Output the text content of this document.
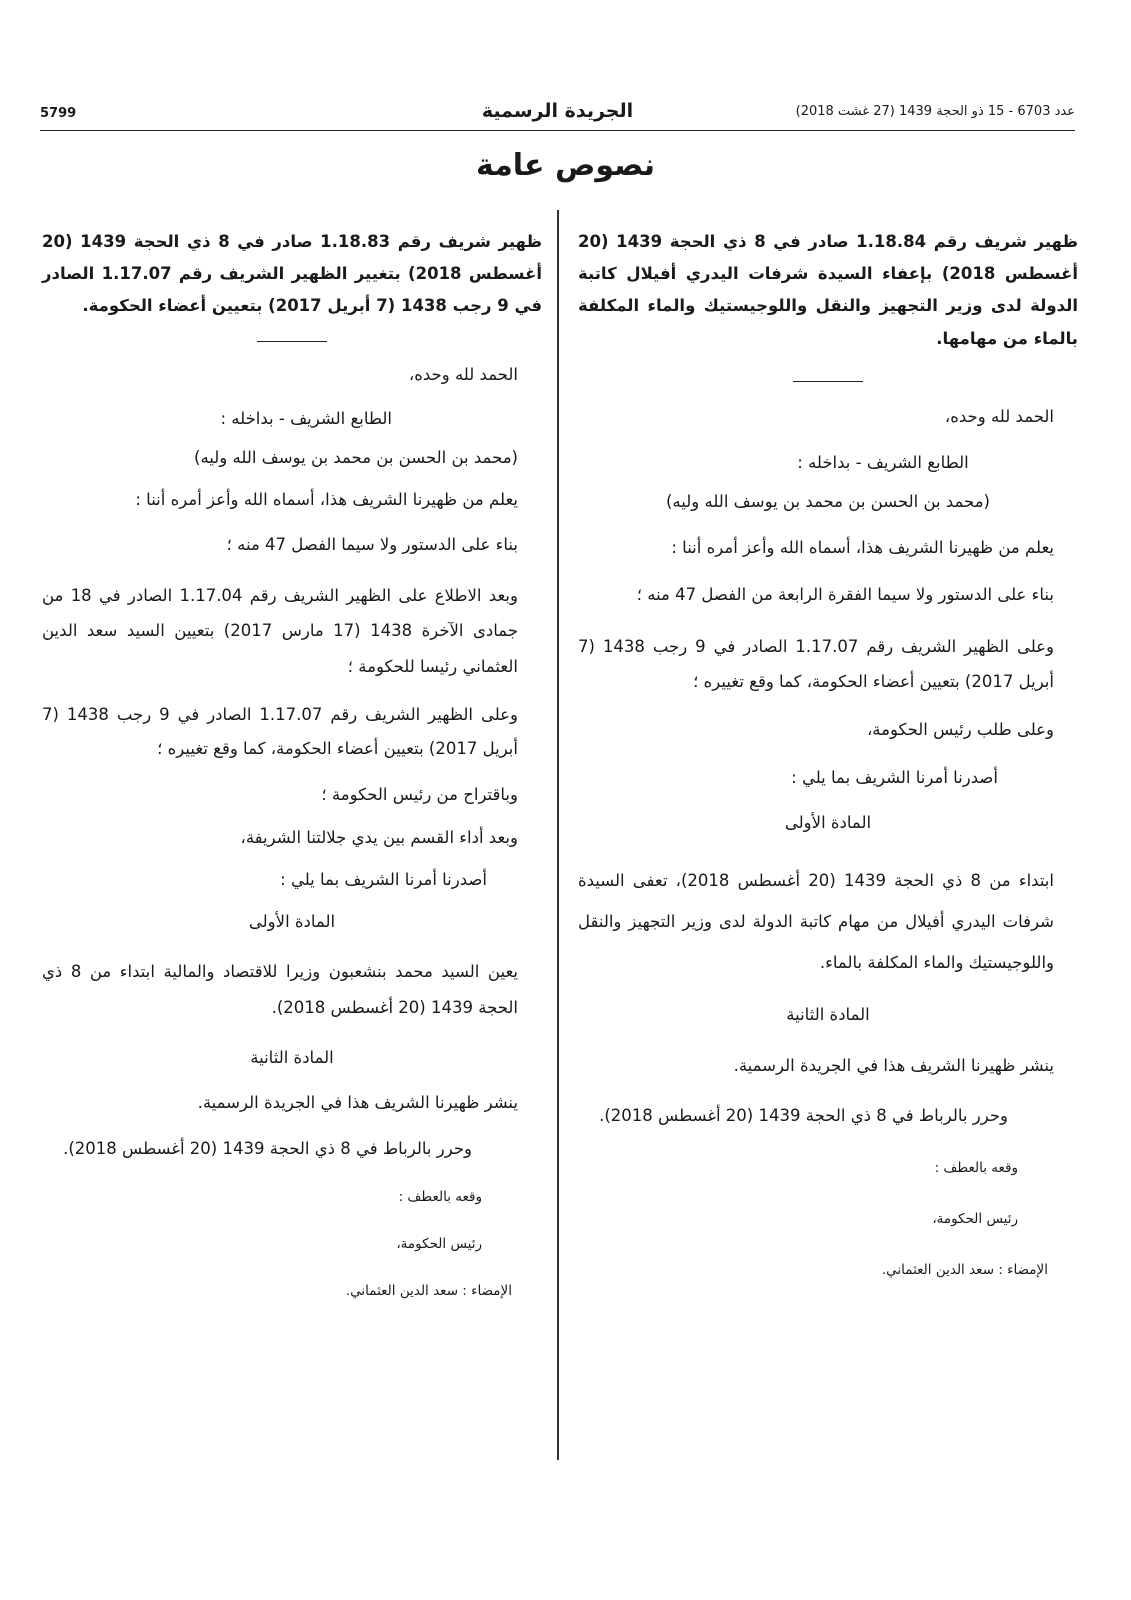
عدد 6703 - 15 ذو الحجة 1439 (27 غشت 2018)
الجريدة الرسمية
5799
نصوص عامة

ظهير شريف رقم 1.18.84 صادر في 8 ذي الحجة 1439 (20 أغسطس 2018) بإعفاء السيدة شرفات اليدري أفيلال كاتبة الدولة لدى وزير التجهيز والنقل واللوجيستيك والماء المكلفة بالماء من مهامها.

الحمد لله وحده،

الطابع الشريف - بداخله :

(محمد بن الحسن بن محمد بن يوسف الله وليه)

يعلم من ظهيرنا الشريف هذا، أسماه الله وأعز أمره أننا :

بناء على الدستور ولا سيما الفقرة الرابعة من الفصل 47 منه ؛

وعلى الظهير الشريف رقم 1.17.07 الصادر في 9 رجب 1438 (7 أبريل 2017) بتعيين أعضاء الحكومة، كما وقع تغييره ؛

وعلى طلب رئيس الحكومة،

أصدرنا أمرنا الشريف بما يلي :

المادة الأولى

ابتداء من 8 ذي الحجة 1439 (20 أغسطس 2018)، تعفى السيدة شرفات اليدري أفيلال من مهام كاتبة الدولة لدى وزير التجهيز والنقل واللوجيستيك والماء المكلفة بالماء.

المادة الثانية

ينشر ظهيرنا الشريف هذا في الجريدة الرسمية.

وحرر بالرباط في 8 ذي الحجة 1439 (20 أغسطس 2018).

وقعه بالعطف :

رئيس الحكومة،

الإمضاء : سعد الدين العثماني.

ظهير شريف رقم 1.18.83 صادر في 8 ذي الحجة 1439 (20 أغسطس 2018) بتغيير الظهير الشريف رقم 1.17.07 الصادر في 9 رجب 1438 (7 أبريل 2017) بتعيين أعضاء الحكومة.

الحمد لله وحده،

الطابع الشريف - بداخله :

(محمد بن الحسن بن محمد بن يوسف الله وليه)

يعلم من ظهيرنا الشريف هذا، أسماه الله وأعز أمره أننا :

بناء على الدستور ولا سيما الفصل 47 منه ؛

وبعد الاطلاع على الظهير الشريف رقم 1.17.04 الصادر في 18 من جمادى الآخرة 1438 (17 مارس 2017) بتعيين السيد سعد الدين العثماني رئيسا للحكومة ؛

وعلى الظهير الشريف رقم 1.17.07 الصادر في 9 رجب 1438 (7 أبريل 2017) بتعيين أعضاء الحكومة، كما وقع تغييره ؛

وباقتراح من رئيس الحكومة ؛

وبعد أداء القسم بين يدي جلالتنا الشريفة،

أصدرنا أمرنا الشريف بما يلي :

المادة الأولى

يعين السيد محمد بنشعبون وزيرا للاقتصاد والمالية ابتداء من 8 ذي الحجة 1439 (20 أغسطس 2018).

المادة الثانية

ينشر ظهيرنا الشريف هذا في الجريدة الرسمية.

وحرر بالرباط في 8 ذي الحجة 1439 (20 أغسطس 2018).

وقعه بالعطف :

رئيس الحكومة،

الإمضاء : سعد الدين العثماني.
